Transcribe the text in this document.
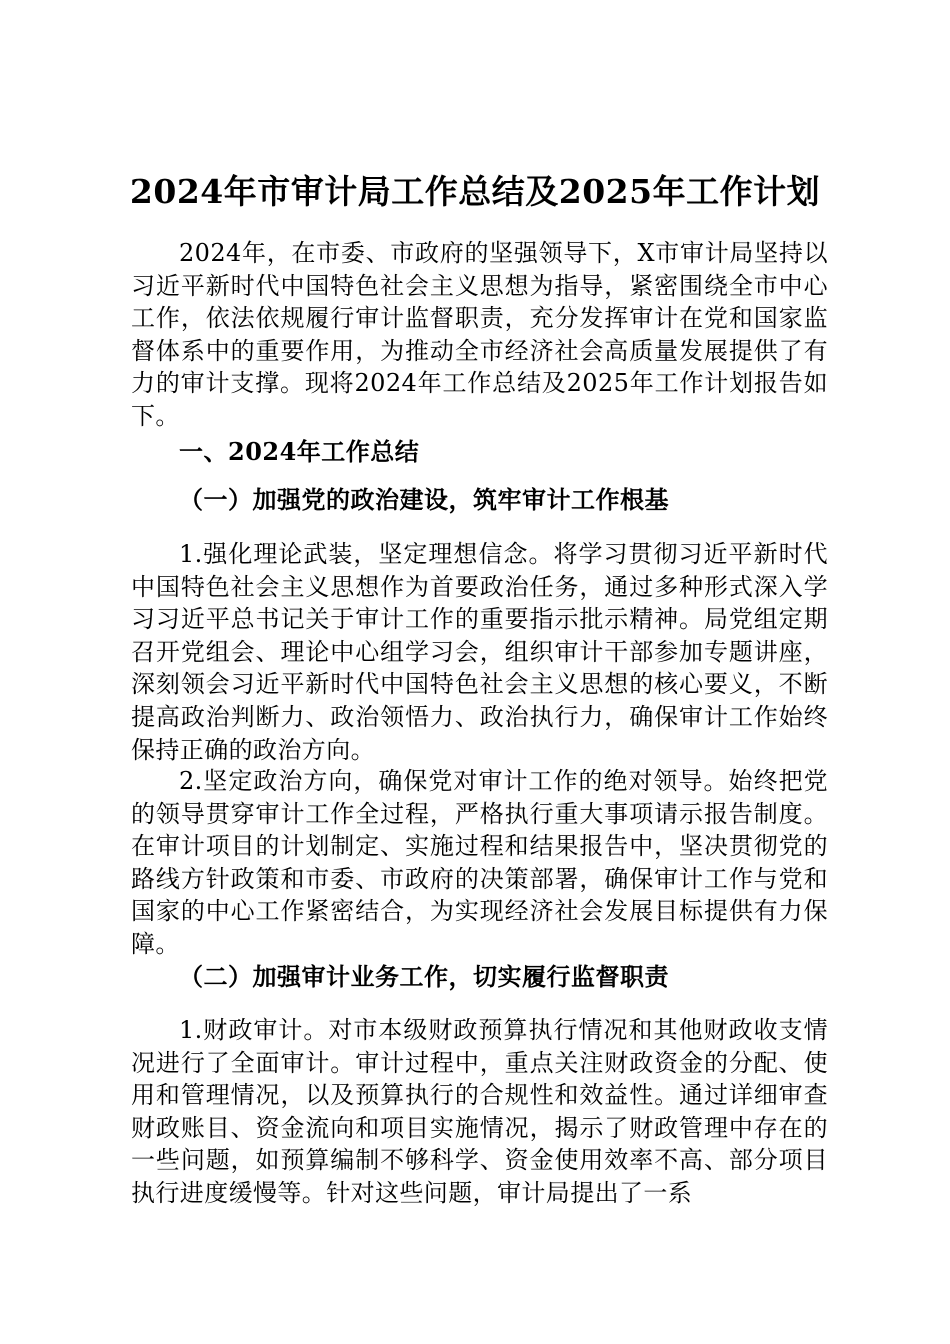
2024年市审计局工作总结及2025年工作计划

2024年，在市委、市政府的坚强领导下，X市审计局坚持以习近平新时代中国特色社会主义思想为指导，紧密围绕全市中心工作，依法依规履行审计监督职责，充分发挥审计在党和国家监督体系中的重要作用，为推动全市经济社会高质量发展提供了有力的审计支撑。现将2024年工作总结及2025年工作计划报告如下。

一、2024年工作总结

（一）加强党的政治建设，筑牢审计工作根基

1.强化理论武装，坚定理想信念。将学习贯彻习近平新时代中国特色社会主义思想作为首要政治任务，通过多种形式深入学习习近平总书记关于审计工作的重要指示批示精神。局党组定期召开党组会、理论中心组学习会，组织审计干部参加专题讲座，深刻领会习近平新时代中国特色社会主义思想的核心要义，不断提高政治判断力、政治领悟力、政治执行力，确保审计工作始终保持正确的政治方向。

2.坚定政治方向，确保党对审计工作的绝对领导。始终把党的领导贯穿审计工作全过程，严格执行重大事项请示报告制度。在审计项目的计划制定、实施过程和结果报告中，坚决贯彻党的路线方针政策和市委、市政府的决策部署，确保审计工作与党和国家的中心工作紧密结合，为实现经济社会发展目标提供有力保障。

（二）加强审计业务工作，切实履行监督职责

1.财政审计。对市本级财政预算执行情况和其他财政收支情况进行了全面审计。审计过程中，重点关注财政资金的分配、使用和管理情况，以及预算执行的合规性和效益性。通过详细审查财政账目、资金流向和项目实施情况，揭示了财政管理中存在的一些问题，如预算编制不够科学、资金使用效率不高、部分项目执行进度缓慢等。针对这些问题，审计局提出了一系
